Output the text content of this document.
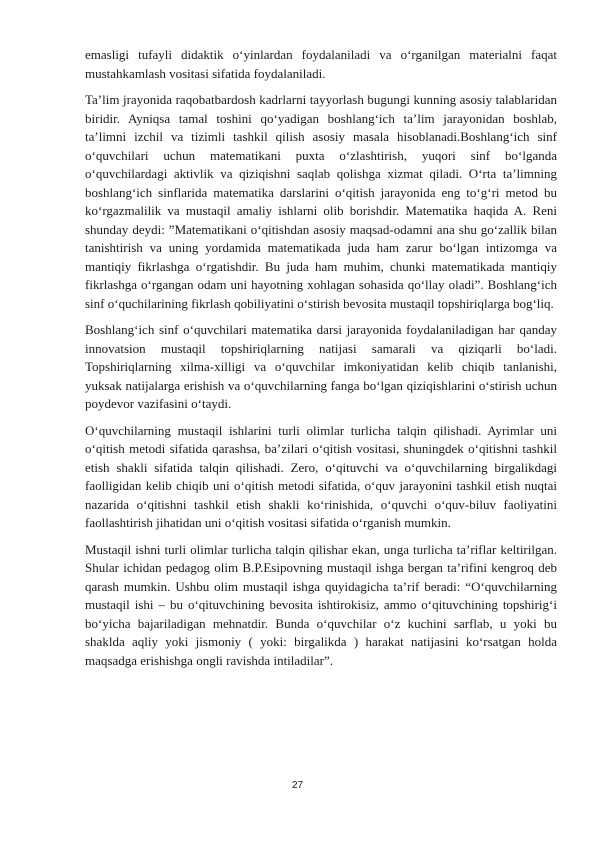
emasligi tufayli didaktik o‘yinlardan foydalaniladi va o‘rganilgan materialni faqat mustahkamlash vositasi sifatida foydalaniladi.

Ta’lim jrayonida raqobatbardosh kadrlarni tayyorlash bugungi kunning asosiy talablaridan biridir. Ayniqsa tamal toshini qo‘yadigan boshlang‘ich ta’lim jarayonidan boshlab, ta’limni izchil va tizimli tashkil qilish asosiy masala hisoblanadi.Boshlang‘ich sinf o‘quvchilari uchun matematikani puxta o‘zlashtirish, yuqori sinf bo‘lganda o‘quvchilardagi aktivlik va qiziqishni saqlab qolishga xizmat qiladi. O‘rta ta’limning boshlang‘ich sinflarida matematika darslarini o‘qitish jarayonida eng to‘g‘ri metod bu ko‘rgazmalilik va mustaqil amaliy ishlarni olib borishdir. Matematika haqida A. Reni shunday deydi: ”Matematikani o‘qitishdan asosiy maqsad-odamni ana shu go‘zallik bilan tanishtirish va uning yordamida matematikada juda ham zarur bo‘lgan intizomga va mantiqiy fikrlashga o‘rgatishdir. Bu juda ham muhim, chunki matematikada mantiqiy fikrlashga o‘rgangan odam uni hayotning xohlagan sohasida qo‘llay oladi”. Boshlang‘ich sinf o‘quchilarining fikrlash qobiliyatini o‘stirish bevosita mustaqil topshiriqlarga bog‘liq.

Boshlang‘ich sinf o‘quvchilari matematika darsi jarayonida foydalaniladigan har qanday innovatsion mustaqil topshiriqlarning natijasi samarali va qiziqarli bo‘ladi. Topshiriqlarning xilma-xilligi va o‘quvchilar imkoniyatidan kelib chiqib tanlanishi, yuksak natijalarga erishish va o‘quvchilarning fanga bo‘lgan qiziqishlarini o‘stirish uchun poydevor vazifasini o‘taydi.

O‘quvchilarning mustaqil ishlarini turli olimlar turlicha talqin qilishadi. Ayrimlar uni o‘qitish metodi sifatida qarashsa, ba’zilari o‘qitish vositasi, shuningdek o‘qitishni tashkil etish shakli sifatida talqin qilishadi. Zero, o‘qituvchi va o‘quvchilarning birgalikdagi faolligidan kelib chiqib uni o‘qitish metodi sifatida, o‘quv jarayonini tashkil etish nuqtai nazarida o‘qitishni tashkil etish shakli ko‘rinishida, o‘quvchi o‘quv-biluv faoliyatini faollashtirish jihatidan uni o‘qitish vositasi sifatida o‘rganish mumkin.

Mustaqil ishni turli olimlar turlicha talqin qilishar ekan, unga turlicha ta’riflar keltirilgan. Shular ichidan pedagog olim B.P.Esipovning mustaqil ishga bergan ta’rifini kengroq deb qarash mumkin. Ushbu olim mustaqil ishga quyidagicha ta’rif beradi: “O‘quvchilarning mustaqil ishi – bu o‘qituvchining bevosita ishtirokisiz, ammo o‘qituvchining topshirig‘i bo‘yicha bajariladigan mehnatdir. Bunda o‘quvchilar o‘z kuchini sarflab, u yoki bu shaklda aqliy yoki jismoniy ( yoki: birgalikda ) harakat natijasini ko‘rsatgan holda maqsadga erishishga ongli ravishda intiladilar”.

27
